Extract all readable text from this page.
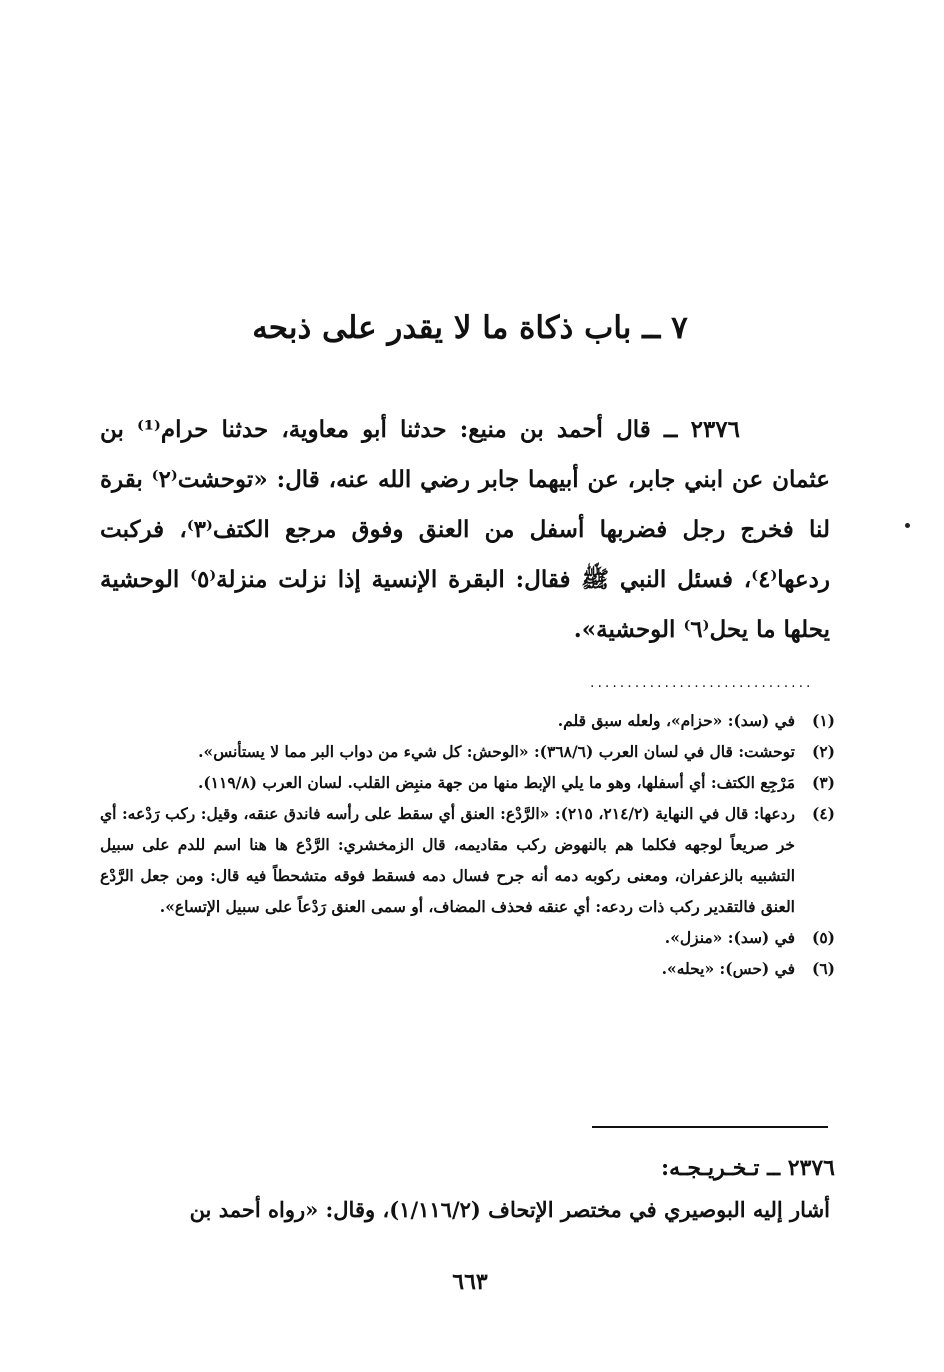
٧ ــ باب ذكاة ما لا يقدر على ذبحه
٢٣٧٦ ــ قال أحمد بن منيع: حدثنا أبو معاوية، حدثنا حرام⁽¹⁾ بن عثمان عن ابني جابر، عن أبيهما جابر رضي الله عنه، قال: «توحشت⁽٢⁾ بقرة لنا فخرج رجل فضربها أسفل من العنق وفوق مرجع الكتف⁽٣⁾، فركبت ردعها⁽٤⁾، فسئل النبي ﷺ فقال: البقرة الإنسية إذا نزلت منزلة⁽٥⁾ الوحشية يحلها ما يحل⁽٦⁾ الوحشية».
..............................
(١)
في (سد): «حزام»، ولعله سبق قلم.
(٢)
توحشت: قال في لسان العرب (٣٦٨/٦): «الوحش: كل شيء من دواب البر مما لا يستأنس».
(٣)
مَرْجِع الكتف: أي أسفلها، وهو ما يلي الإبط منها من جهة منبِض القلب. لسان العرب (١١٩/٨).
(٤)
ردعها: قال في النهاية (٢١٤/٢، ٢١٥): «الرَّدْع: العنق أي سقط على رأسه فاندق عنقه، وقيل: ركب رَدْعه: أي خر صريعاً لوجهه فكلما هم بالنهوض ركب مقاديمه، قال الزمخشري: الرَّدْع ها هنا اسم للدم على سبيل التشبيه بالزعفران، ومعنى ركوبه دمه أنه جرح فسال دمه فسقط فوقه متشحطاً فيه قال: ومن جعل الرَّدْع العنق فالتقدير ركب ذات ردعه: أي عنقه فحذف المضاف، أو سمى العنق رَدْعاً على سبيل الإتساع».
(٥)
في (سد): «منزل».
(٦)
في (حس): «يحله».
٢٣٧٦ ــ تـخـريـجـه:
أشار إليه البوصيري في مختصر الإتحاف (١/١١٦/٢)، وقال: «رواه أحمد بن
٦٦٣
